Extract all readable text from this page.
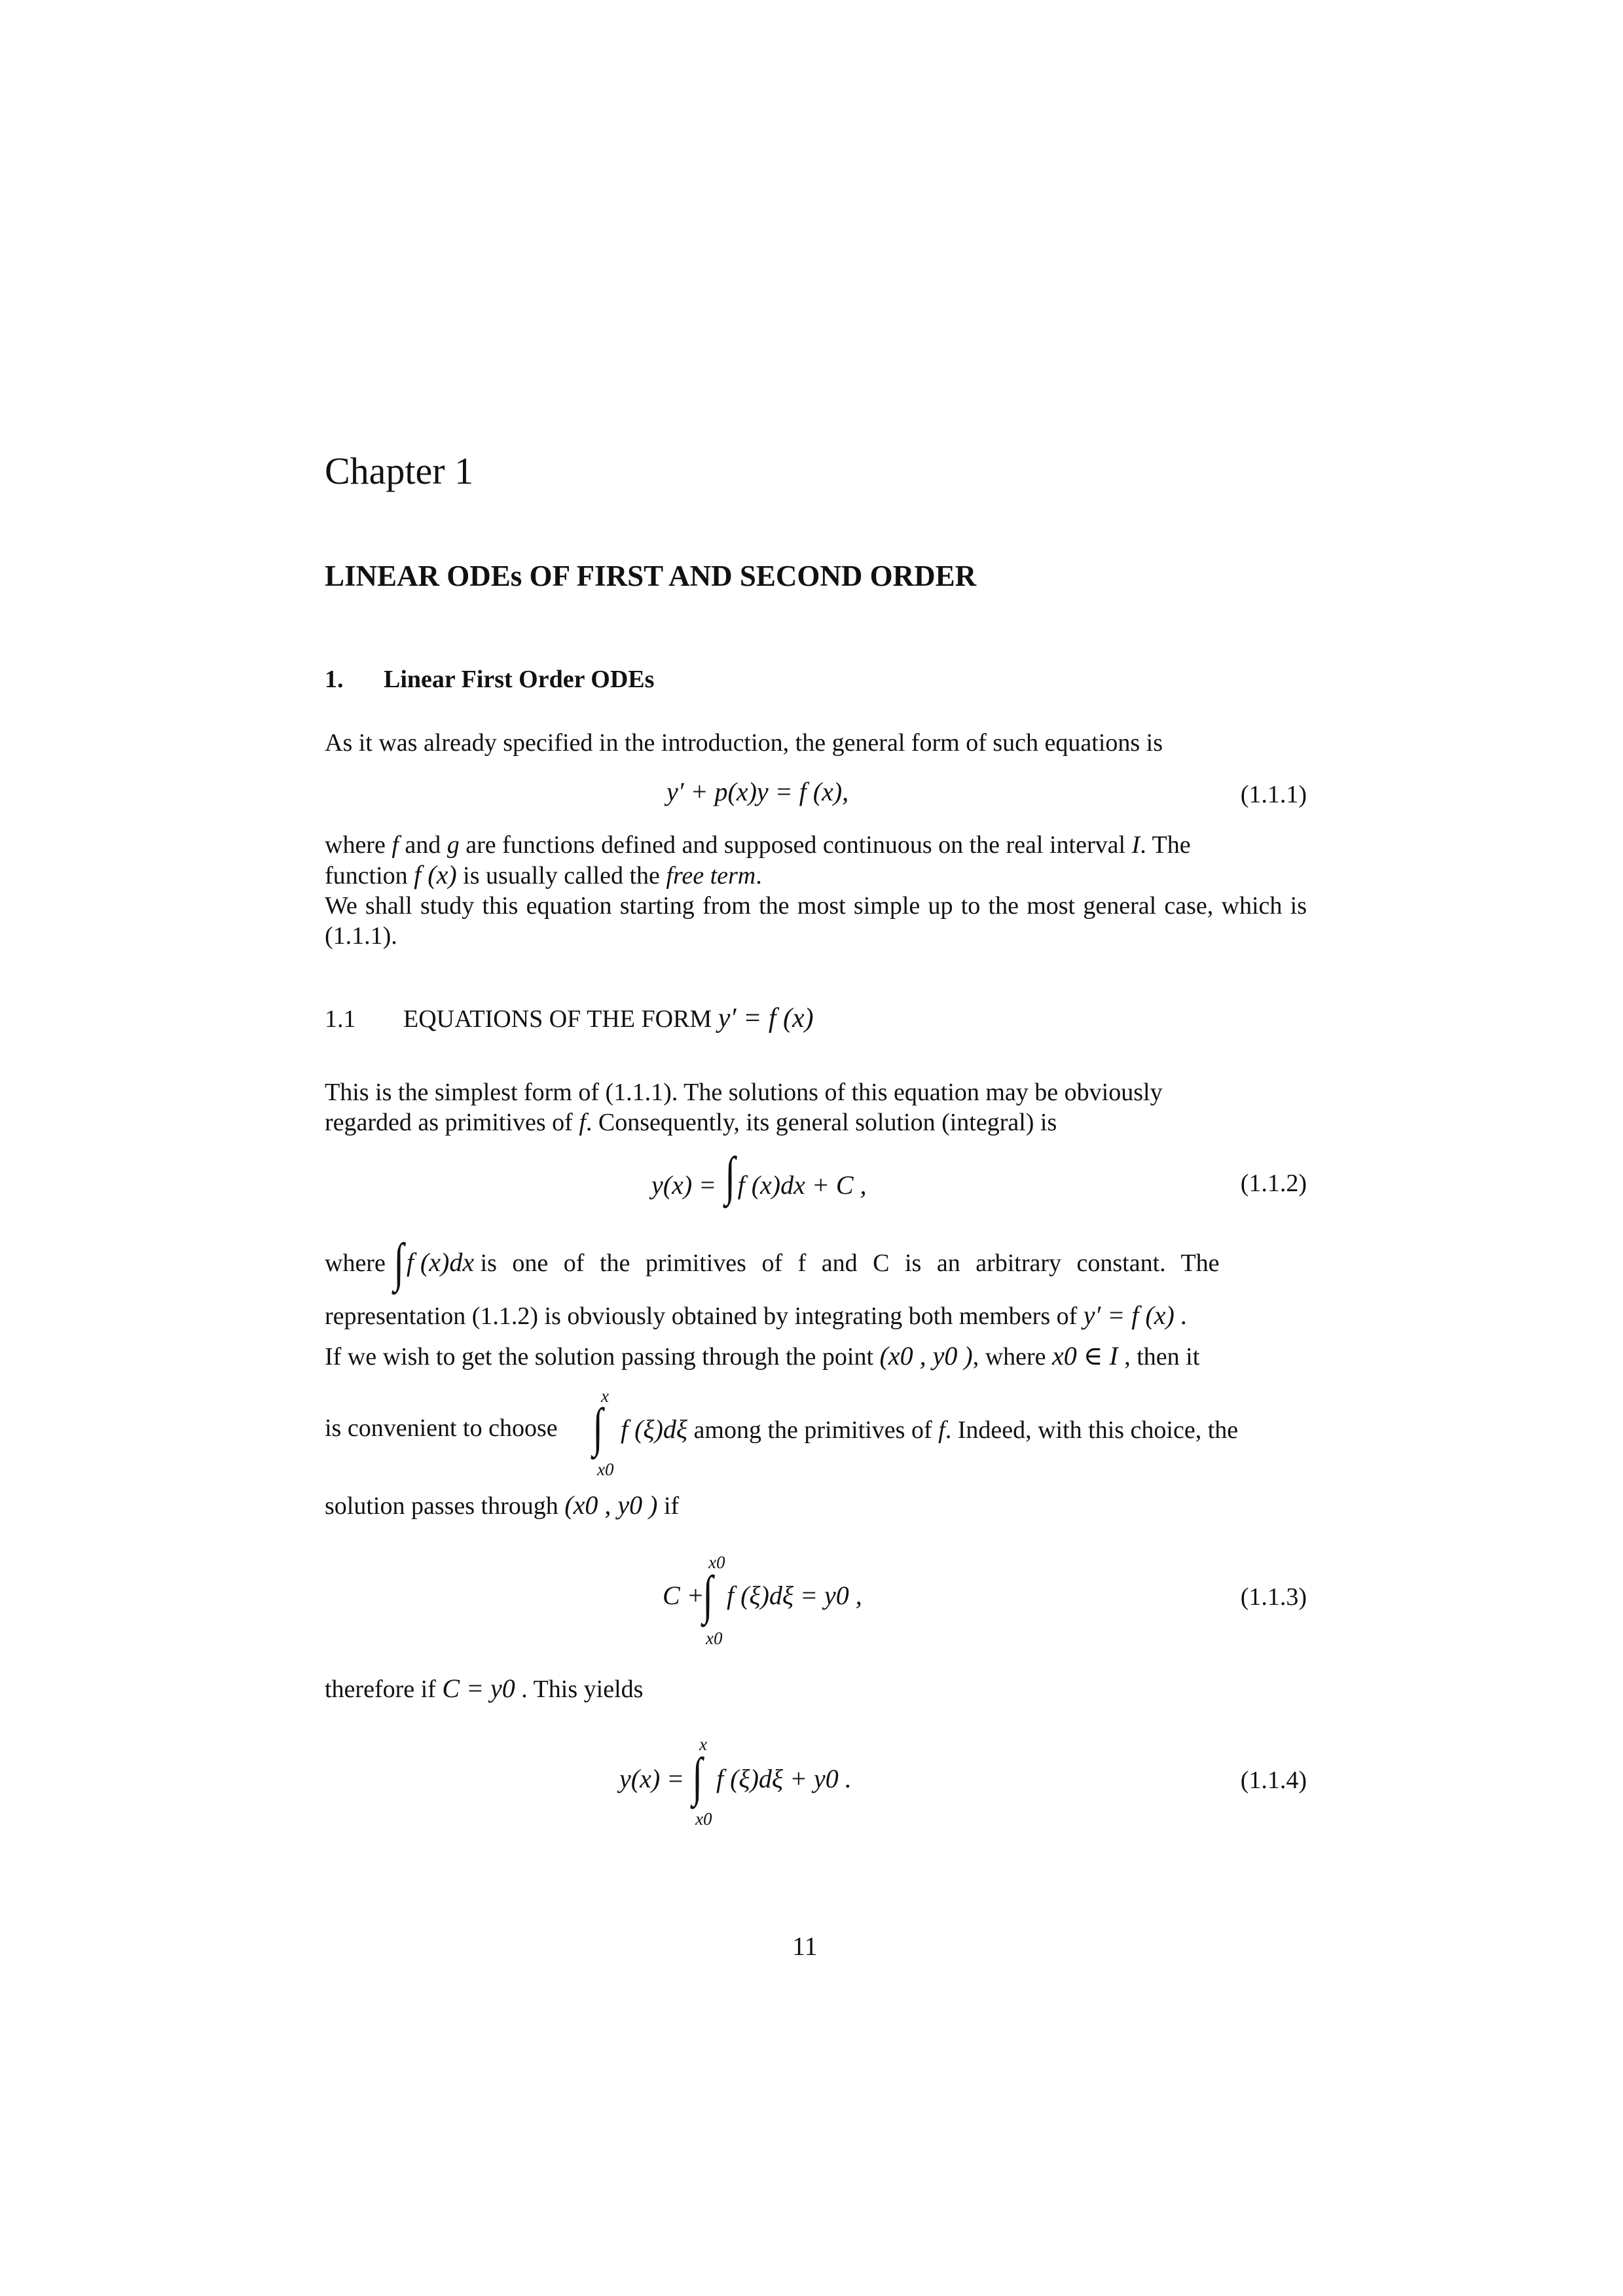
Chapter 1
LINEAR ODEs OF FIRST AND SECOND ORDER
1. Linear First Order ODEs
As it was already specified in the introduction, the general form of such equations is
y′ + p(x)y = f (x),	(1.1.1)
where f and g are functions defined and supposed continuous on the real interval I. The
function f (x) is usually called the free term.
We shall study this equation starting from the most simple up to the most general case, which is (1.1.1).
1.1 EQUATIONS OF THE FORM y′ = f (x)
This is the simplest form of (1.1.1). The solutions of this equation may be obviously
regarded as primitives of f. Consequently, its general solution (integral) is
y(x) = ∫f (x)dx + C ,	(1.1.2)
where ∫f (x)dx is one of the primitives of f and C is an arbitrary constant. The
representation (1.1.2) is obviously obtained by integrating both members of y′ = f (x) .
If we wish to get the solution passing through the point (x0 , y0 ), where x0 ∈ I , then it
is convenient to choose
x
∫
x0
f (ξ)dξ among the primitives of f. Indeed, with this choice, the
solution passes through (x0 , y0 ) if
C +
x0
∫
x0
f (ξ)dξ = y0 ,	(1.1.3)
therefore if C = y0 . This yields
y(x) =
x
∫
x0
f (ξ)dξ + y0 .	(1.1.4)
11
